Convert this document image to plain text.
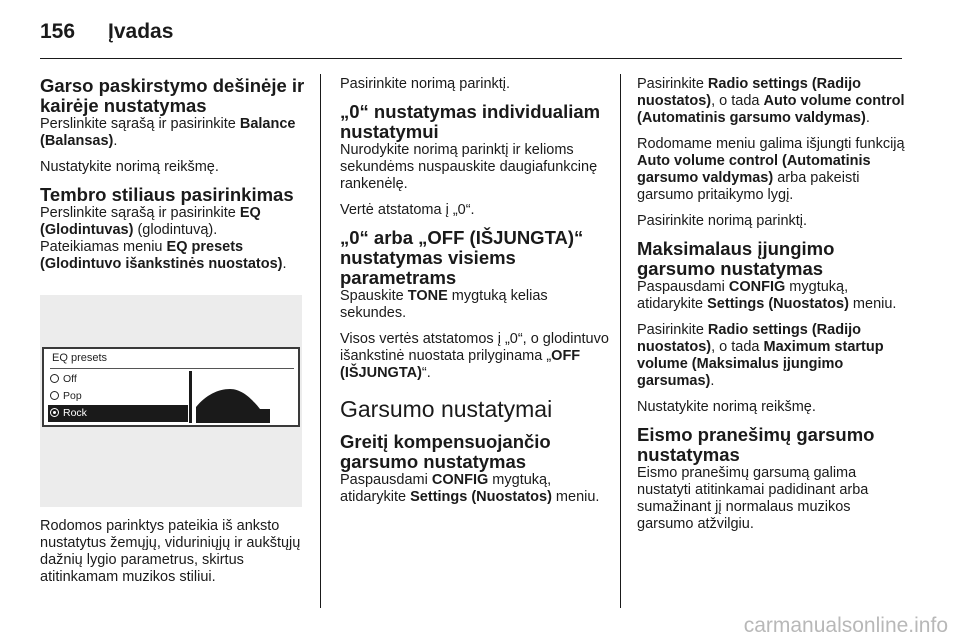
156 Įvadas
Garso paskirstymo dešinėje ir kairėje nustatymas

Perslinkite sąrašą ir pasirinkite Balance (Balansas).

Nustatykite norimą reikšmę.

Tembro stiliaus pasirinkimas

Perslinkite sąrašą ir pasirinkite EQ (Glodintuvas) (glodintuvą).
Pateikiamas meniu EQ presets (Glodintuvo išankstinės nuostatos).

EQ presets
Off
Pop
Rock

Rodomos parinktys pateikia iš anksto nustatytus žemųjų, viduriniųjų ir aukštųjų dažnių lygio parametrus, skirtus atitinkamam muzikos stiliui.

Pasirinkite norimą parinktį.

„0“ nustatymas individualiam nustatymui

Nurodykite norimą parinktį ir kelioms sekundėms nuspauskite daugiafunkcinę rankenėlę.

Vertė atstatoma į „0“.

„0“ arba „OFF (IŠJUNGTA)“ nustatymas visiems parametrams

Spauskite TONE mygtuką kelias sekundes.

Visos vertės atstatomos į „0“, o glodintuvo išankstinė nuostata prilyginama „OFF (IŠJUNGTA)“.

Garsumo nustatymai
Greitį kompensuojančio garsumo nustatymas

Paspausdami CONFIG mygtuką, atidarykite Settings (Nuostatos) meniu.

Pasirinkite Radio settings (Radijo nuostatos), o tada Auto volume control (Automatinis garsumo valdymas).

Rodomame meniu galima išjungti funkciją Auto volume control (Automatinis garsumo valdymas) arba pakeisti garsumo pritaikymo lygį.

Pasirinkite norimą parinktį.

Maksimalaus įjungimo garsumo nustatymas

Paspausdami CONFIG mygtuką, atidarykite Settings (Nuostatos) meniu.

Pasirinkite Radio settings (Radijo nuostatos), o tada Maximum startup volume (Maksimalus įjungimo garsumas).

Nustatykite norimą reikšmę.

Eismo pranešimų garsumo nustatymas

Eismo pranešimų garsumą galima nustatyti atitinkamai padidinant arba sumažinant jį normalaus muzikos garsumo atžvilgiu.

carmanualsonline.info
